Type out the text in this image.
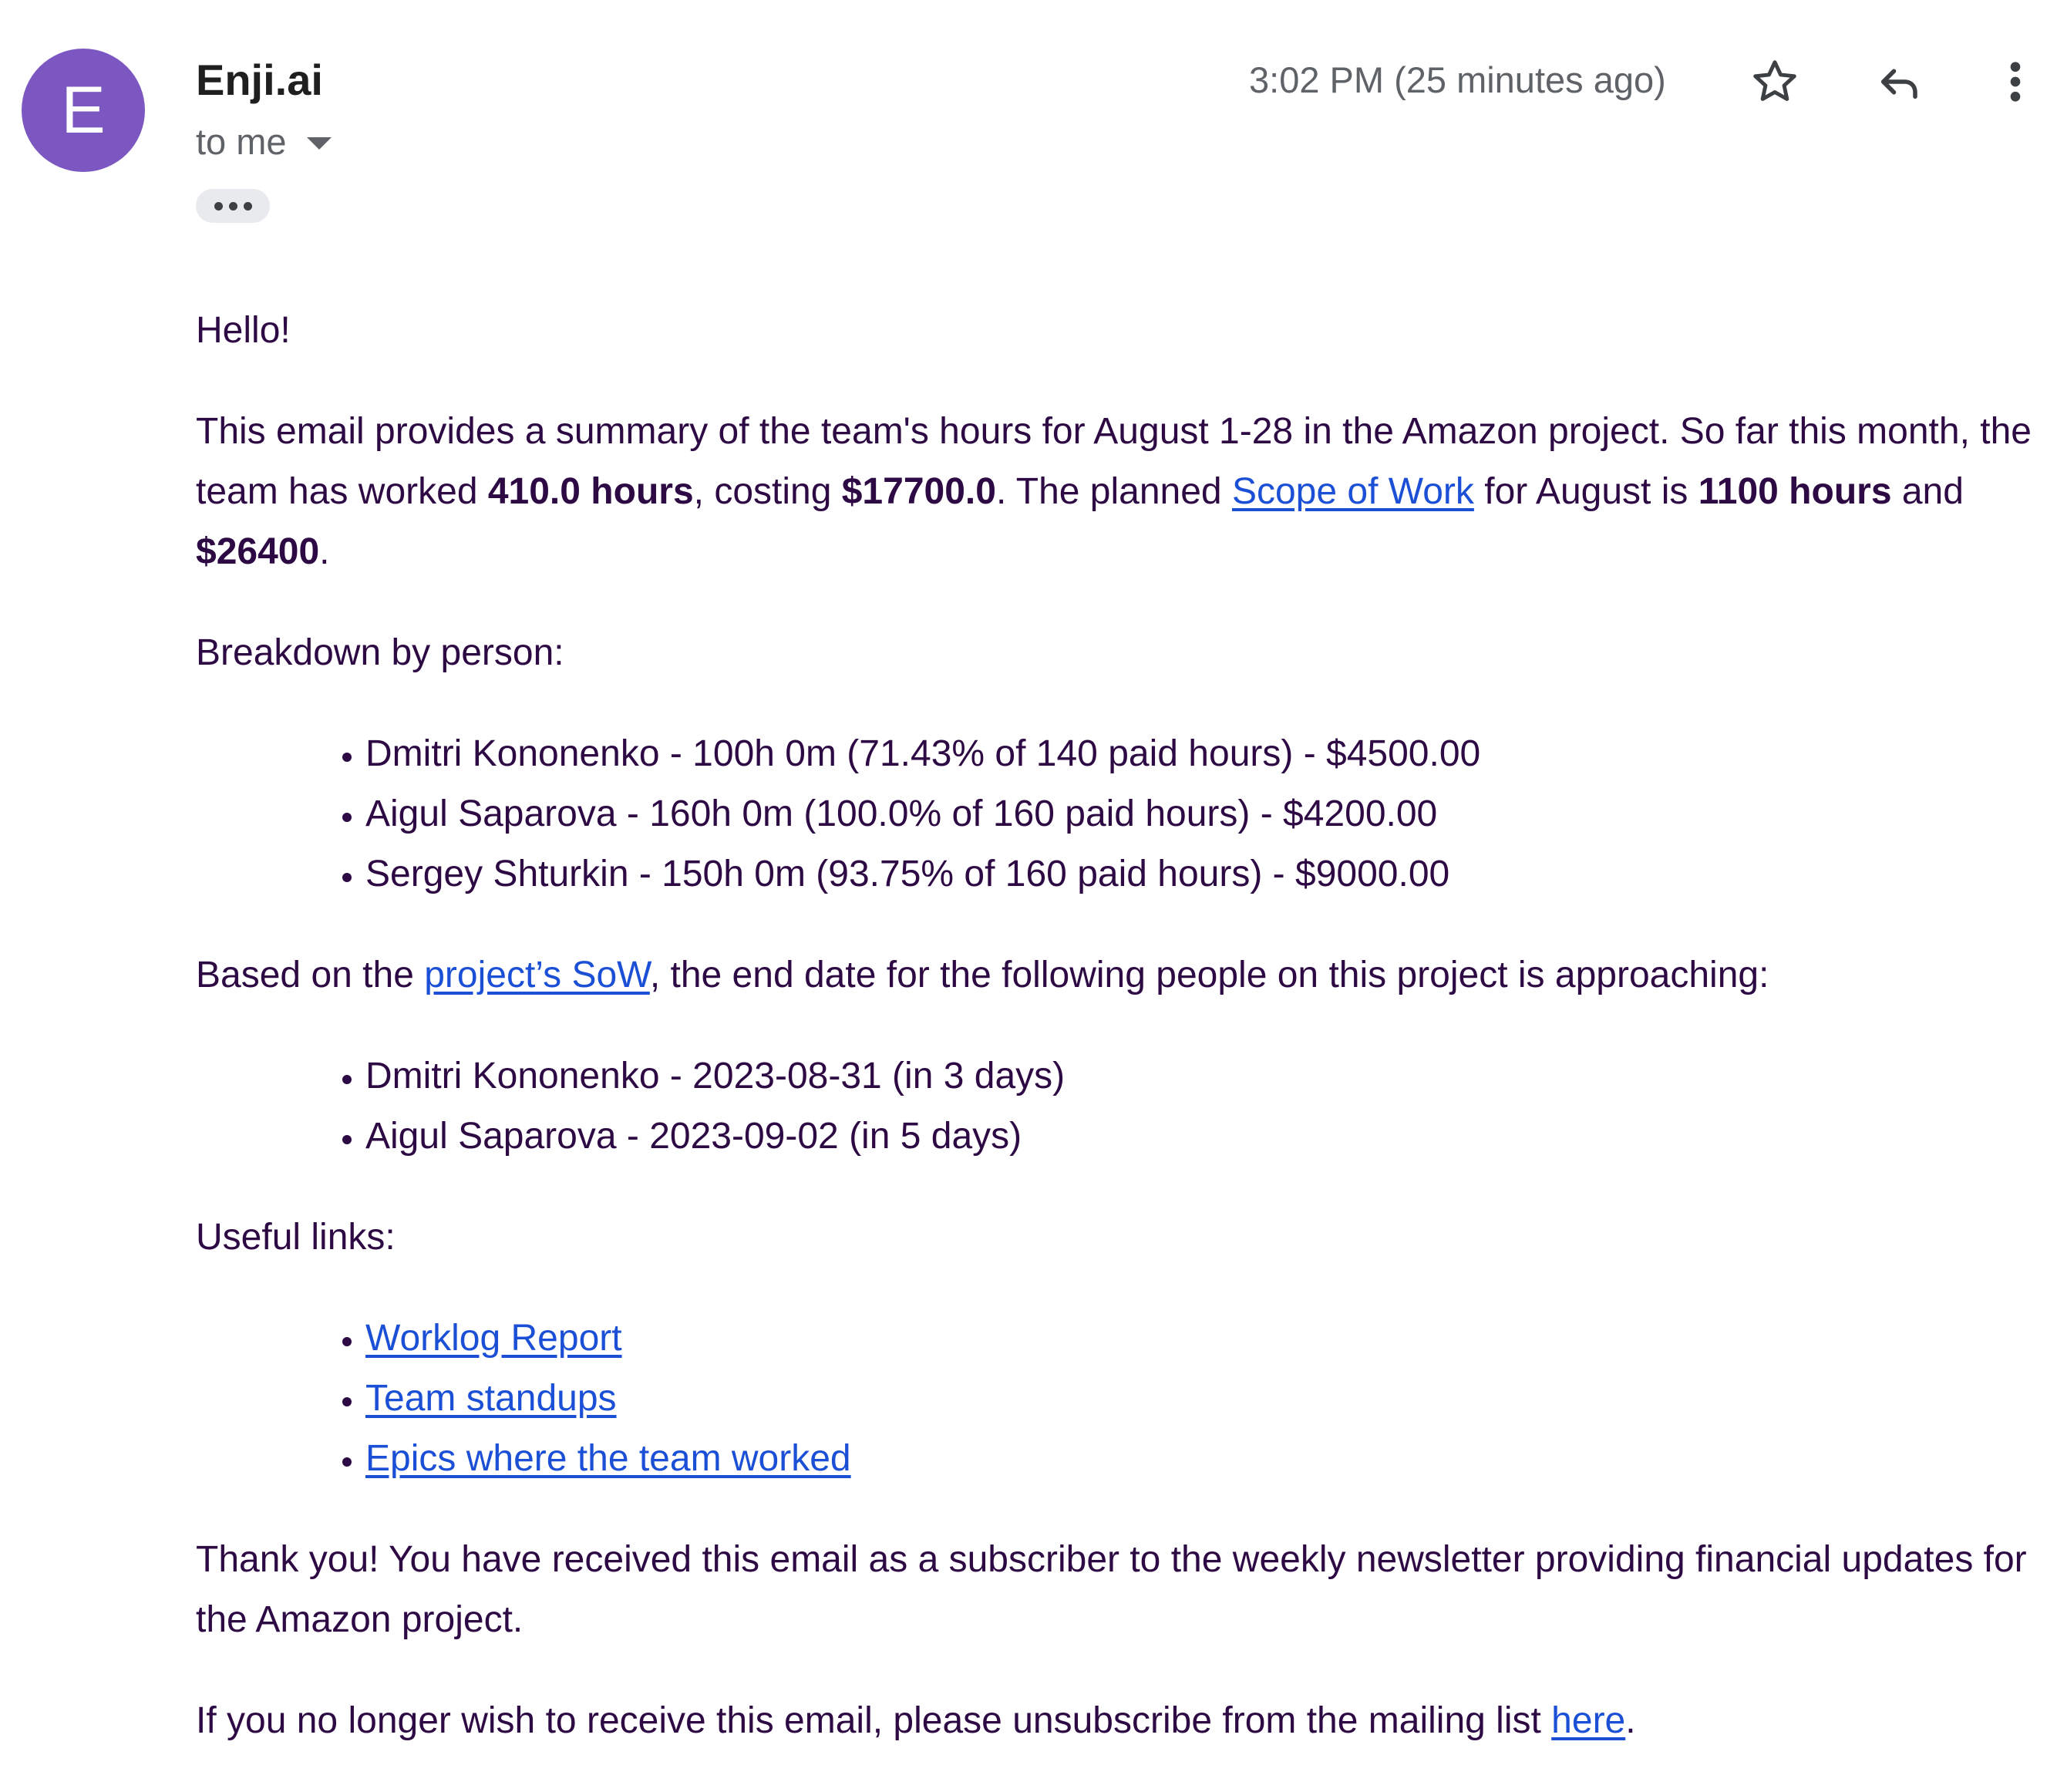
E	Enji.ai
to me
3:02 PM (25 minutes ago)

Hello!

This email provides a summary of the team's hours for August 1-28 in the Amazon project. So far this month, the team has worked 410.0 hours, costing $17700.0. The planned Scope of Work for August is 1100 hours and $26400.

Breakdown by person:

• Dmitri Kononenko - 100h 0m (71.43% of 140 paid hours) - $4500.00
• Aigul Saparova - 160h 0m (100.0% of 160 paid hours) - $4200.00
• Sergey Shturkin - 150h 0m (93.75% of 160 paid hours) - $9000.00

Based on the project’s SoW, the end date for the following people on this project is approaching:

• Dmitri Kononenko - 2023-08-31 (in 3 days)
• Aigul Saparova - 2023-09-02 (in 5 days)

Useful links:

• Worklog Report
• Team standups
• Epics where the team worked

Thank you! You have received this email as a subscriber to the weekly newsletter providing financial updates for the Amazon project.

If you no longer wish to receive this email, please unsubscribe from the mailing list here.
